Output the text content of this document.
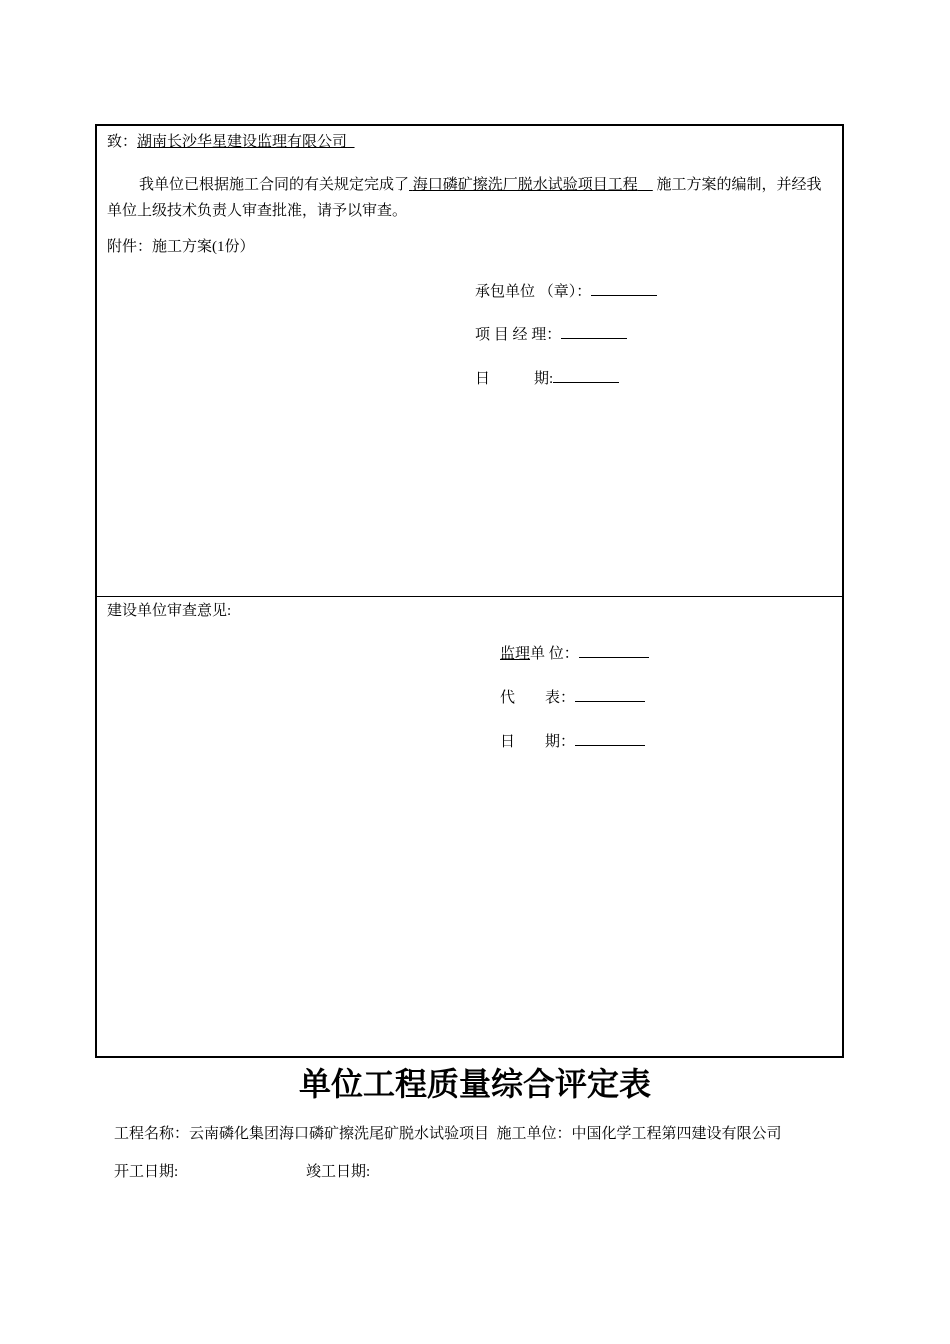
致：湖南长沙华星建设监理有限公司
我单位已根据施工合同的有关规定完成了 海口磷矿擦洗厂脱水试验项目工程 施工方案的编制，并经我单位上级技术负责人审查批准，请予以审查。
附件：施工方案(1份）
承包单位 （章）：
项 目 经 理：
日	期:
建设单位审查意见:
监理单 位：
代 表：
日 期：
单位工程质量综合评定表
工程名称：云南磷化集团海口磷矿擦洗尾矿脱水试验项目 施工单位：中国化学工程第四建设有限公司
开工日期:	竣工日期:
